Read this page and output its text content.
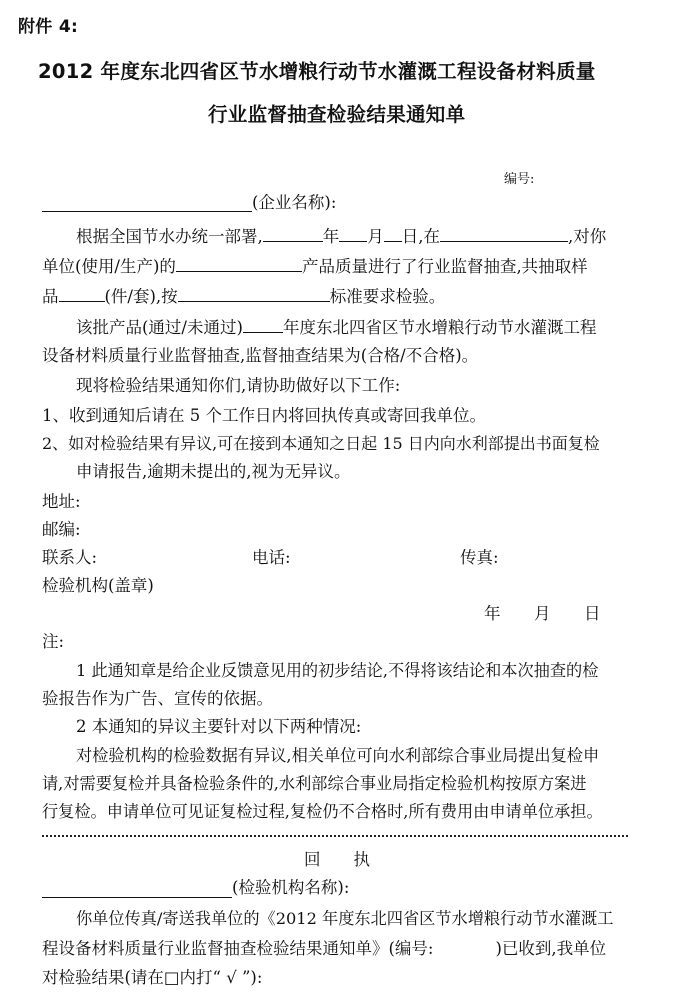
附件 4:
2012 年度东北四省区节水增粮行动节水灌溉工程设备材料质量
行业监督抽查检验结果通知单
编号:
(企业名称):
根据全国节水办统一部署,	年 月 日,在	,对你
单位(使用/生产)的	产品质量进行了行业监督抽查,共抽取样
品	(件/套),按	标准要求检验。
该批产品(通过/未通过) 年度东北四省区节水增粮行动节水灌溉工程
设备材料质量行业监督抽查,监督抽查结果为(合格/不合格)。
现将检验结果通知你们,请协助做好以下工作:
1、收到通知后请在 5 个工作日内将回执传真或寄回我单位。
2、如对检验结果有异议,可在接到本通知之日起 15 日内向水利部提出书面复检
申请报告,逾期未提出的,视为无异议。
地址:
邮编:
联系人:	电话:	传真:
检验机构(盖章)
年 月 日
注:
1 此通知章是给企业反馈意见用的初步结论,不得将该结论和本次抽查的检
验报告作为广告、宣传的依据。
2 本通知的异议主要针对以下两种情况:
对检验机构的检验数据有异议,相关单位可向水利部综合事业局提出复检申
请,对需要复检并具备检验条件的,水利部综合事业局指定检验机构按原方案进
行复检。申请单位可见证复检过程,复检仍不合格时,所有费用由申请单位承担。
回　　执
(检验机构名称):
你单位传真/寄送我单位的《2012 年度东北四省区节水增粮行动节水灌溉工
程设备材料质量行业监督抽查检验结果通知单》(编号:	)已收到,我单位
对检验结果(请在□内打“ √ ”):
